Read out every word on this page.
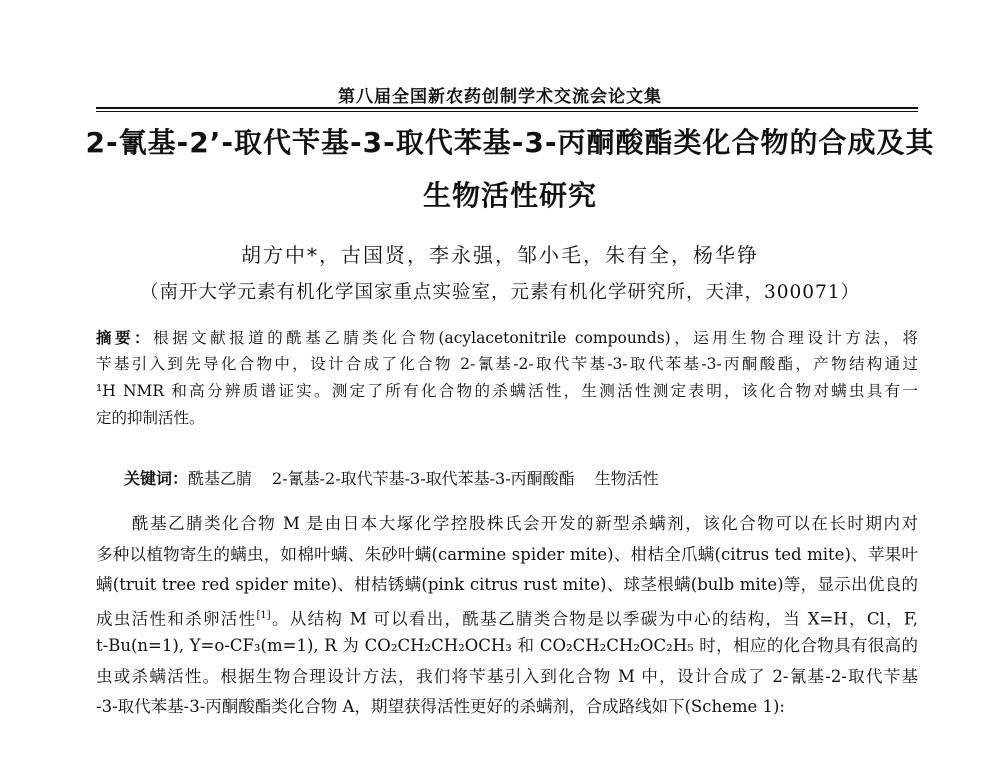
第八届全国新农药创制学术交流会论文集
2-氰基-2’-取代苄基-3-取代苯基-3-丙酮酸酯类化合物的合成及其
生物活性研究
胡方中*，古国贤，李永强，邹小毛，朱有全，杨华铮
（南开大学元素有机化学国家重点实验室，元素有机化学研究所，天津，300071）
摘要：根据文献报道的酰基乙腈类化合物(acylacetonitrile compounds)，运用生物合理设计方法，将
苄基引入到先导化合物中，设计合成了化合物 2-氰基-2-取代苄基-3-取代苯基-3-丙酮酸酯，产物结构通过
¹H NMR 和高分辨质谱证实。测定了所有化合物的杀螨活性，生测活性测定表明，该化合物对螨虫具有一
定的抑制活性。
关键词：酰基乙腈 2-氰基-2-取代苄基-3-取代苯基-3-丙酮酸酯 生物活性
　　酰基乙腈类化合物 M 是由日本大塚化学控股株氏会开发的新型杀螨剂，该化合物可以在长时期内对
多种以植物寄生的螨虫，如棉叶螨、朱砂叶螨(carmine spider mite)、柑桔全爪螨(citrus ted mite)、苹果叶
螨(truit tree red spider mite)、柑桔锈螨(pink citrus rust mite)、球茎根螨(bulb mite)等，显示出优良的
成虫活性和杀卵活性[1]。从结构 M 可以看出，酰基乙腈类合物是以季碳为中心的结构，当 X=H，Cl，F,
t-Bu(n=1), Y=o-CF₃(m=1), R 为 CO₂CH₂CH₂OCH₃ 和 CO₂CH₂CH₂OC₂H₅ 时，相应的化合物具有很高的
虫或杀螨活性。根据生物合理设计方法，我们将苄基引入到化合物 M 中，设计合成了 2-氰基-2-取代苄基
-3-取代苯基-3-丙酮酸酯类化合物 A，期望获得活性更好的杀螨剂，合成路线如下(Scheme 1):
